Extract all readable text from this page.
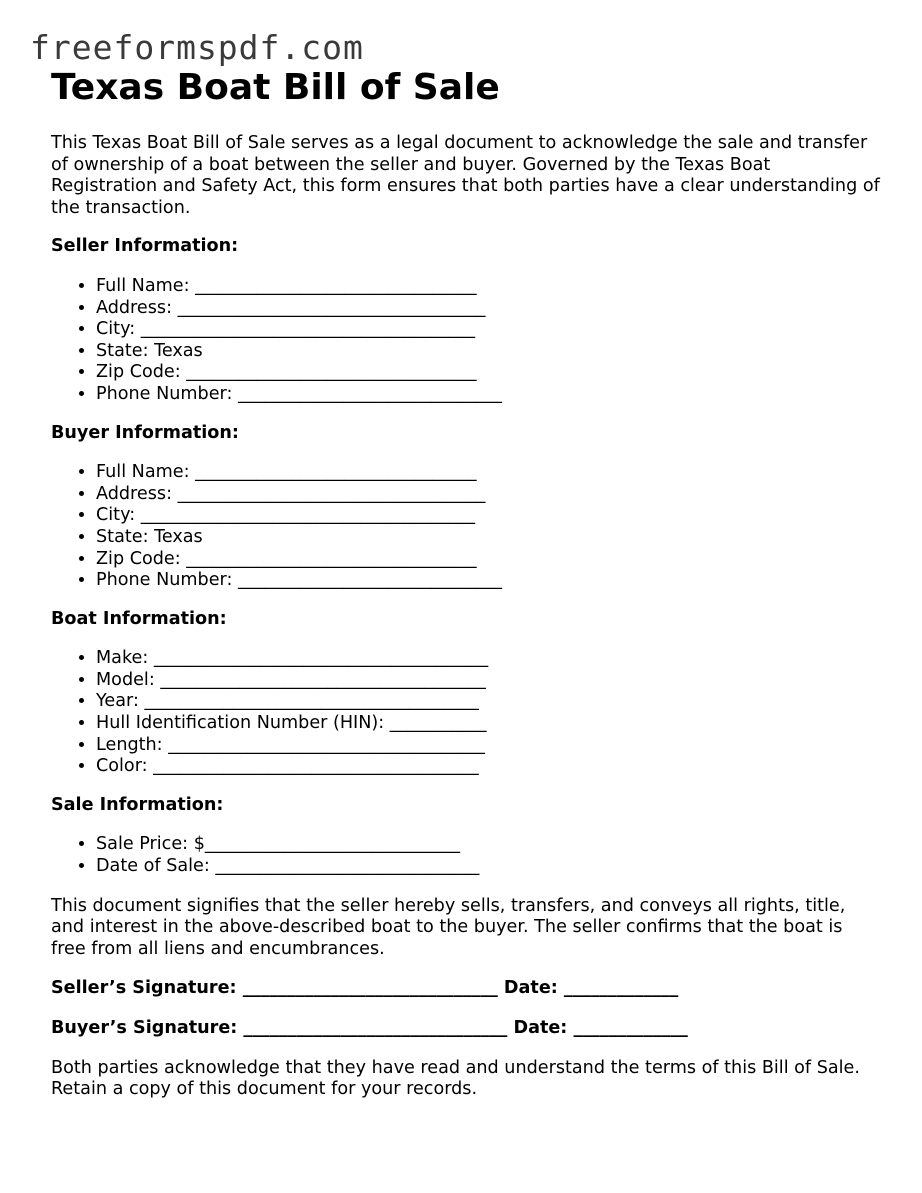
freeformspdf.com
Texas Boat Bill of Sale

This Texas Boat Bill of Sale serves as a legal document to acknowledge the sale and transfer of ownership of a boat between the seller and buyer. Governed by the Texas Boat Registration and Safety Act, this form ensures that both parties have a clear understanding of the transaction.

Seller Information:
• Full Name: ________________________________
• Address: ___________________________________
• City: ______________________________________
• State: Texas
• Zip Code: _________________________________
• Phone Number: ______________________________
Buyer Information:
• Full Name: ________________________________
• Address: ___________________________________
• City: ______________________________________
• State: Texas
• Zip Code: _________________________________
• Phone Number: ______________________________
Boat Information:
• Make: ______________________________________
• Model: _____________________________________
• Year: ______________________________________
• Hull Identification Number (HIN): ___________
• Length: ____________________________________
• Color: _____________________________________
Sale Information:
• Sale Price: $_____________________________
• Date of Sale: ______________________________

This document signifies that the seller hereby sells, transfers, and conveys all rights, title, and interest in the above-described boat to the buyer. The seller confirms that the boat is free from all liens and encumbrances.

Seller’s Signature: _____________________________ Date: _____________

Buyer’s Signature: ______________________________ Date: _____________

Both parties acknowledge that they have read and understand the terms of this Bill of Sale. Retain a copy of this document for your records.
